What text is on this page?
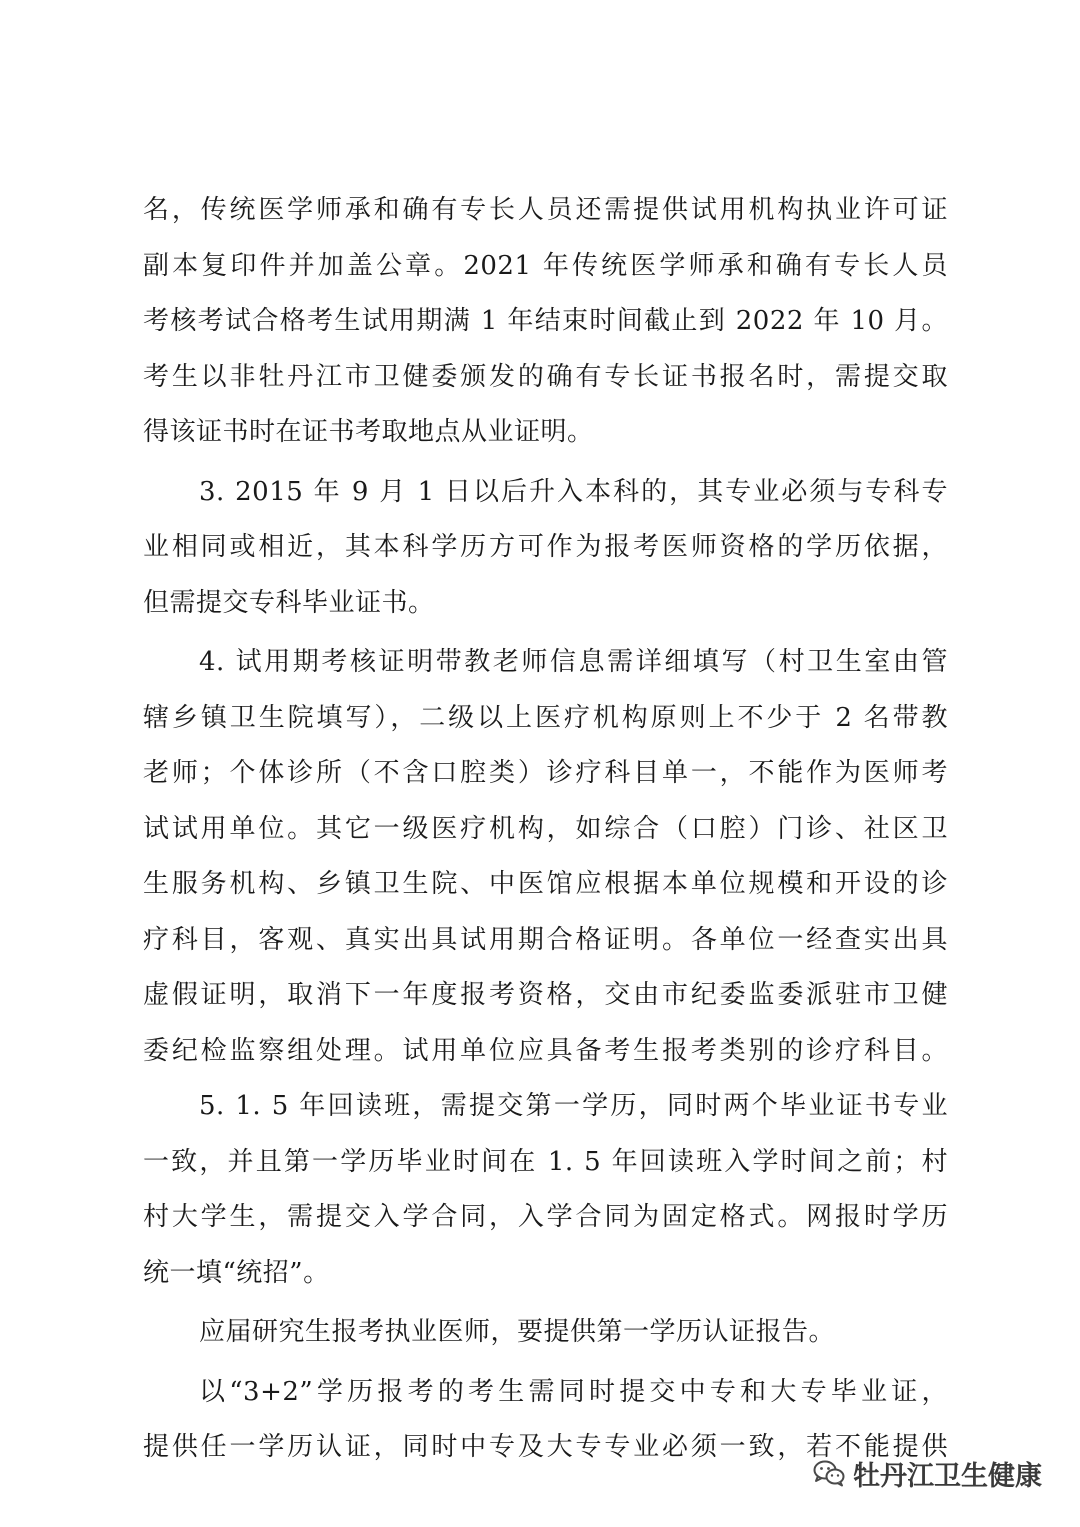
名，传统医学师承和确有专长人员还需提供试用机构执业许可证
副本复印件并加盖公章。2021 年传统医学师承和确有专长人员
考核考试合格考生试用期满 1 年结束时间截止到 2022 年 10 月。
考生以非牡丹江市卫健委颁发的确有专长证书报名时，需提交取
得该证书时在证书考取地点从业证明。
3. 2015 年 9 月 1 日以后升入本科的，其专业必须与专科专
业相同或相近，其本科学历方可作为报考医师资格的学历依据，
但需提交专科毕业证书。
4. 试用期考核证明带教老师信息需详细填写（村卫生室由管
辖乡镇卫生院填写），二级以上医疗机构原则上不少于 2 名带教
老师；个体诊所（不含口腔类）诊疗科目单一，不能作为医师考
试试用单位。其它一级医疗机构，如综合（口腔）门诊、社区卫
生服务机构、乡镇卫生院、中医馆应根据本单位规模和开设的诊
疗科目，客观、真实出具试用期合格证明。各单位一经查实出具
虚假证明，取消下一年度报考资格，交由市纪委监委派驻市卫健
委纪检监察组处理。试用单位应具备考生报考类别的诊疗科目。
5. 1. 5 年回读班，需提交第一学历，同时两个毕业证书专业
一致，并且第一学历毕业时间在 1. 5 年回读班入学时间之前；村
村大学生，需提交入学合同，入学合同为固定格式。网报时学历
统一填“统招”。
应届研究生报考执业医师，要提供第一学历认证报告。
以“3+2”学历报考的考生需同时提交中专和大专毕业证，
提供任一学历认证，同时中专及大专专业必须一致，若不能提供
牡丹江卫生健康
